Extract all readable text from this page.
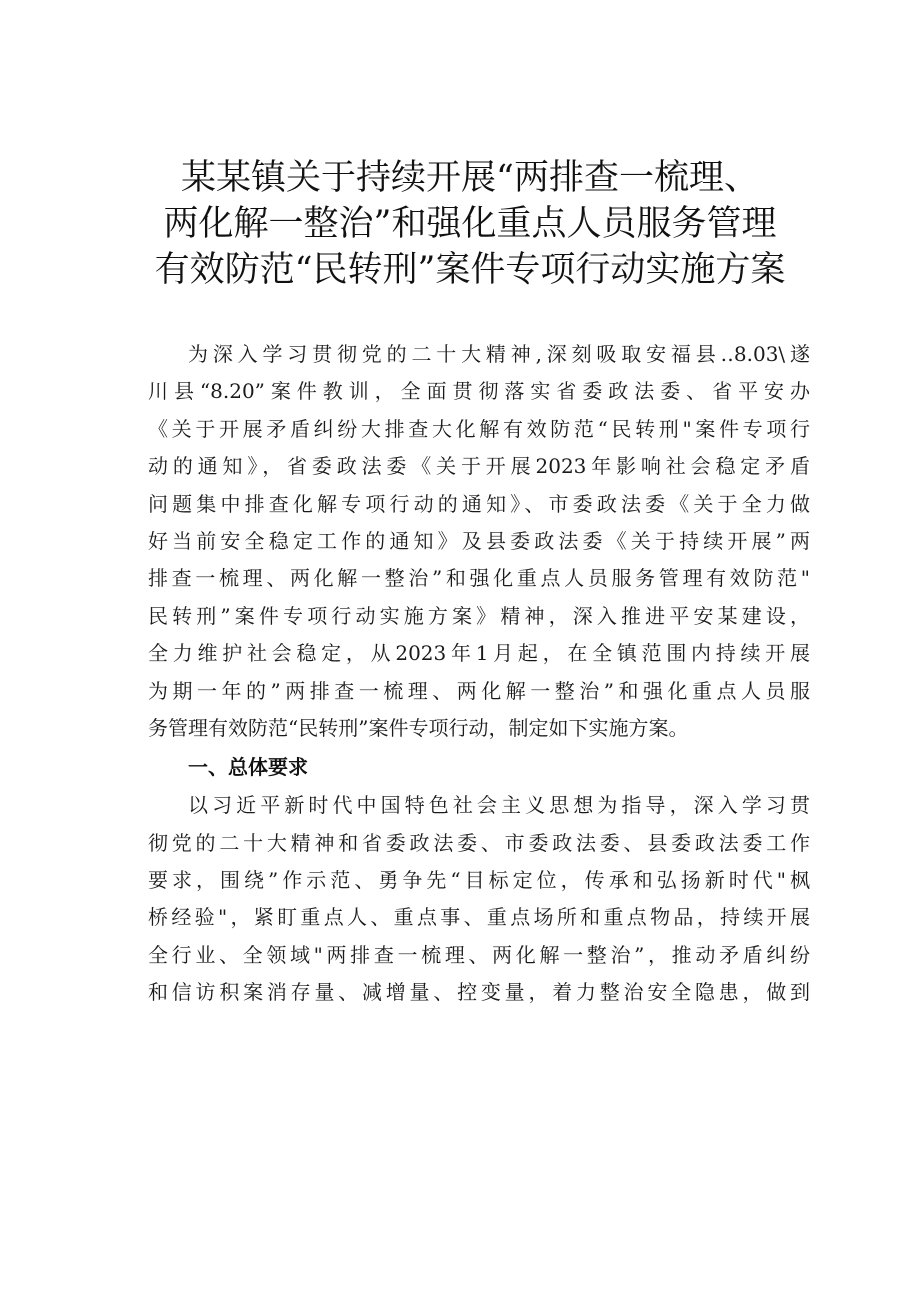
某某镇关于持续开展“两排查一梳理、
两化解一整治”和强化重点人员服务管理
有效防范“民转刑”案件专项行动实施方案
为深入学习贯彻党的二十大精神,深刻吸取安福县‥8.03\遂
川县“8.20”案件教训，全面贯彻落实省委政法委、省平安办
《关于开展矛盾纠纷大排查大化解有效防范“民转刑"案件专项行
动的通知》，省委政法委《关于开展2023年影响社会稳定矛盾
问题集中排查化解专项行动的通知》、市委政法委《关于全力做
好当前安全稳定工作的通知》及县委政法委《关于持续开展”两
排查一梳理、两化解一整治”和强化重点人员服务管理有效防范"
民转刑”案件专项行动实施方案》精神，深入推进平安某建设，
全力维护社会稳定，从2023年1月起，在全镇范围内持续开展
为期一年的”两排查一梳理、两化解一整治”和强化重点人员服
务管理有效防范“民转刑”案件专项行动，制定如下实施方案。
一、总体要求
以习近平新时代中国特色社会主义思想为指导，深入学习贯
彻党的二十大精神和省委政法委、市委政法委、县委政法委工作
要求，围绕”作示范、勇争先“目标定位，传承和弘扬新时代"枫
桥经验"，紧盯重点人、重点事、重点场所和重点物品，持续开展
全行业、全领域"两排查一梳理、两化解一整治”，推动矛盾纠纷
和信访积案消存量、减增量、控变量，着力整治安全隐患，做到
